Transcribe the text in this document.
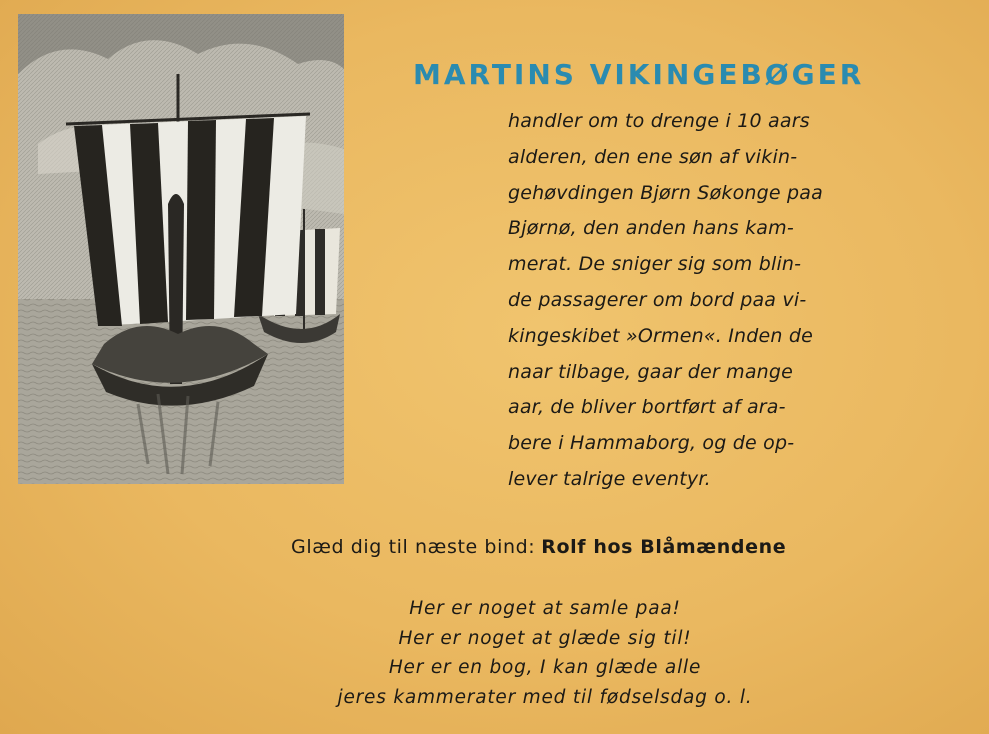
MARTINS VIKINGEBØGER
handler om to drenge i 10 aars
alderen, den ene søn af vikin-
gehøvdingen Bjørn Søkonge paa
Bjørnø, den anden hans kam-
merat. De sniger sig som blin-
de passagerer om bord paa vi-
kingeskibet »Ormen«. Inden de
naar tilbage, gaar der mange
aar, de bliver bortført af ara-
bere i Hammaborg, og de op-
lever talrige eventyr.
Glæd dig til næste bind: Rolf hos Blåmændene
Her er noget at samle paa!
Her er noget at glæde sig til!
Her er en bog, I kan glæde alle
jeres kammerater med til fødselsdag o. l.
